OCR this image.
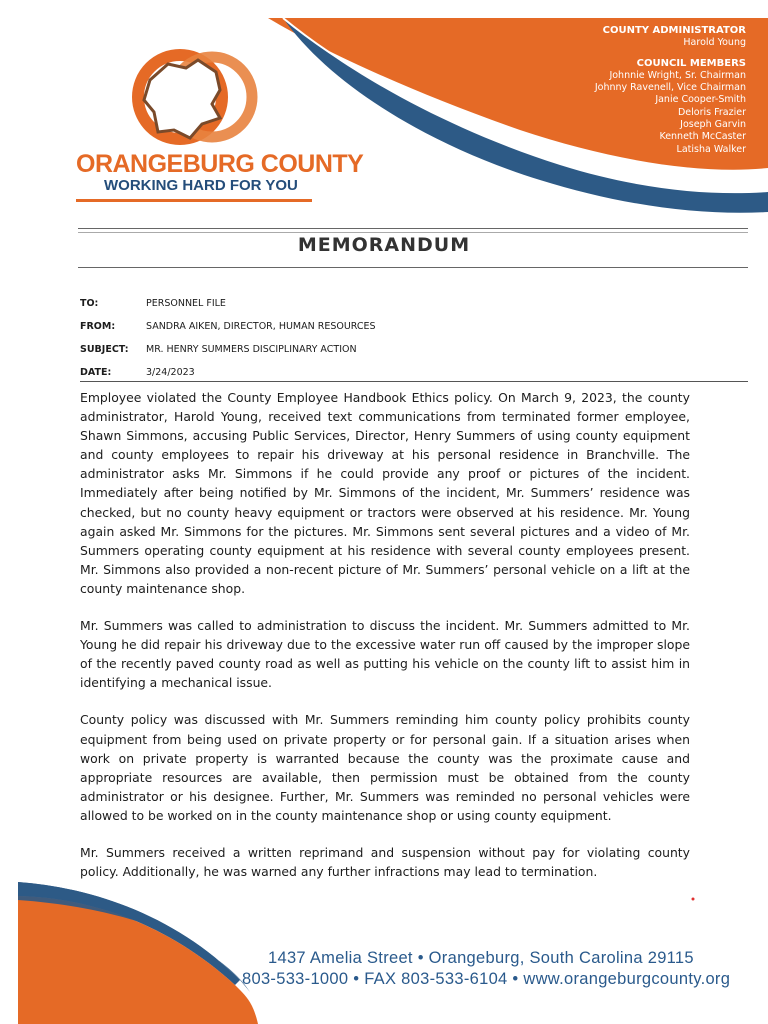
ORANGEBURG COUNTY
WORKING HARD FOR YOU
COUNTY ADMINISTRATOR
Harold Young
COUNCIL MEMBERS
Johnnie Wright, Sr. Chairman
Johnny Ravenell, Vice Chairman
Janie Cooper-Smith
Deloris Frazier
Joseph Garvin
Kenneth McCaster
Latisha Walker
MEMORANDUM
TO:	PERSONNEL FILE
FROM:	SANDRA AIKEN, DIRECTOR, HUMAN RESOURCES
SUBJECT: MR. HENRY SUMMERS DISCIPLINARY ACTION
DATE:	3/24/2023

Employee violated the County Employee Handbook Ethics policy. On March 9, 2023, the county administrator, Harold Young, received text communications from terminated former employee, Shawn Simmons, accusing Public Services, Director, Henry Summers of using county equipment and county employees to repair his driveway at his personal residence in Branchville. The administrator asks Mr. Simmons if he could provide any proof or pictures of the incident. Immediately after being notified by Mr. Simmons of the incident, Mr. Summers’ residence was checked, but no county heavy equipment or tractors were observed at his residence. Mr. Young again asked Mr. Simmons for the pictures. Mr. Simmons sent several pictures and a video of Mr. Summers operating county equipment at his residence with several county employees present. Mr. Simmons also provided a non-recent picture of Mr. Summers’ personal vehicle on a lift at the county maintenance shop.

Mr. Summers was called to administration to discuss the incident. Mr. Summers admitted to Mr. Young he did repair his driveway due to the excessive water run off caused by the improper slope of the recently paved county road as well as putting his vehicle on the county lift to assist him in identifying a mechanical issue.

County policy was discussed with Mr. Summers reminding him county policy prohibits county equipment from being used on private property or for personal gain. If a situation arises when work on private property is warranted because the county was the proximate cause and appropriate resources are available, then permission must be obtained from the county administrator or his designee. Further, Mr. Summers was reminded no personal vehicles were allowed to be worked on in the county maintenance shop or using county equipment.

Mr. Summers received a written reprimand and suspension without pay for violating county policy. Additionally, he was warned any further infractions may lead to termination.

1437 Amelia Street • Orangeburg, South Carolina 29115
803-533-1000 • FAX 803-533-6104 • www.orangeburgcounty.org
